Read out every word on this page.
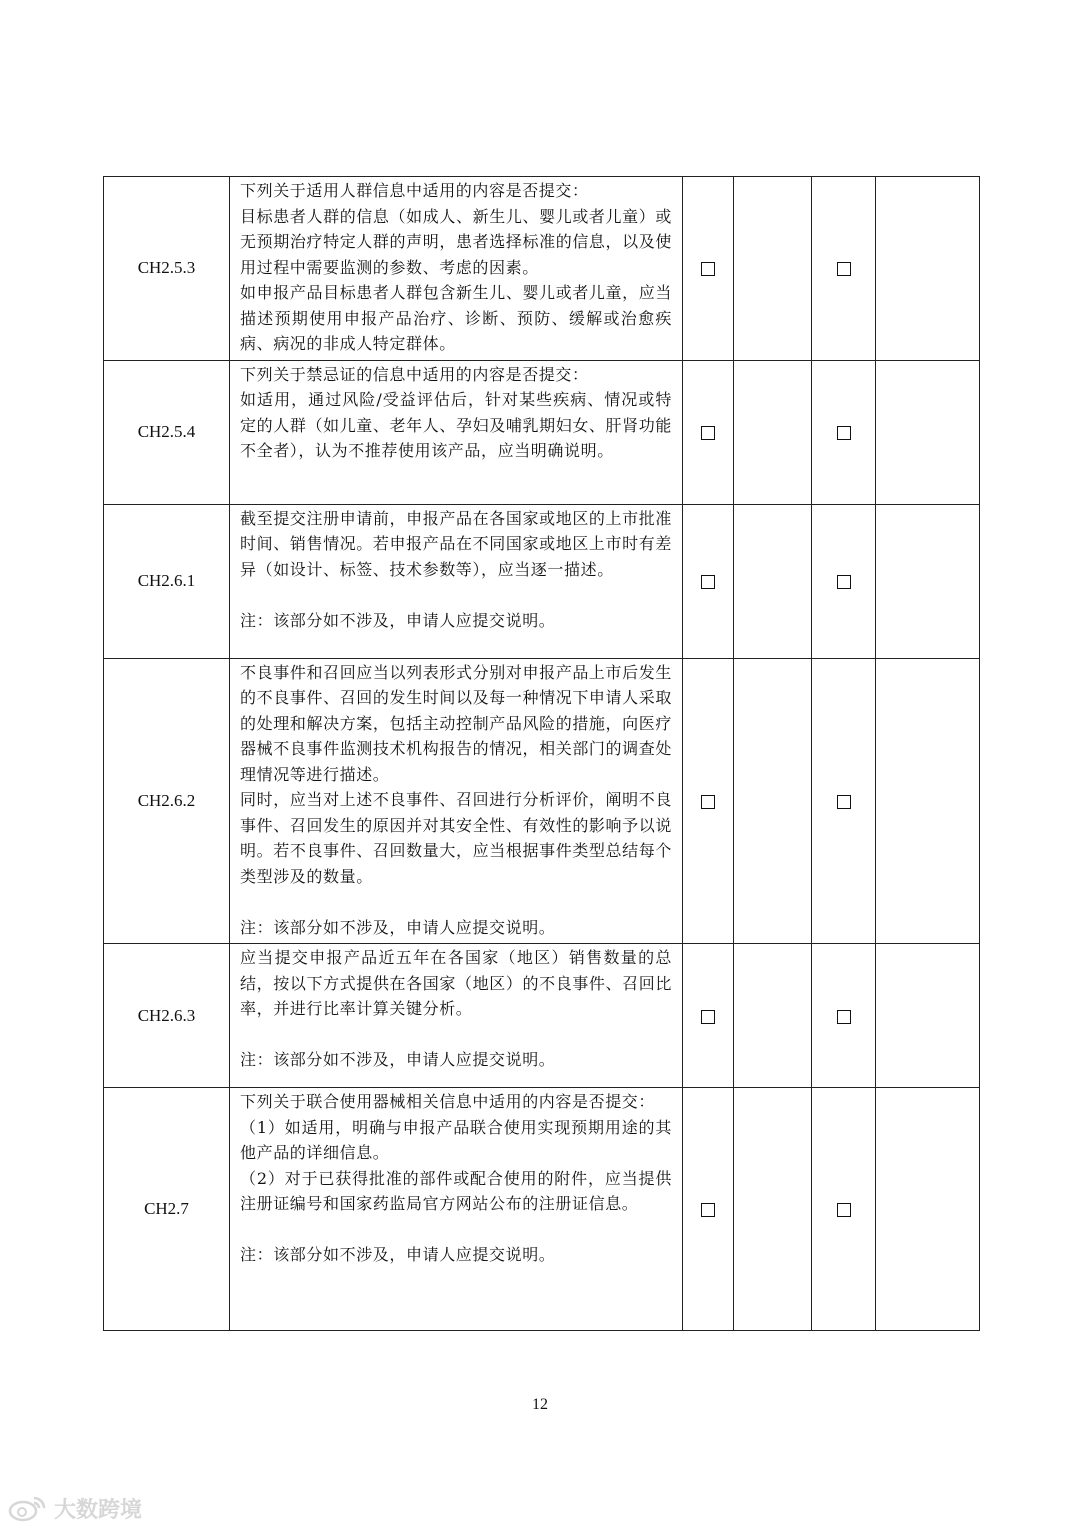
CH2.5.3	下列关于适用人群信息中适用的内容是否提交：

目标患者人群的信息（如成人、新生儿、婴儿或者儿童）或无预期治疗特定人群的声明，患者选择标准的信息，以及使用过程中需要监测的参数、考虑的因素。

如申报产品目标患者人群包含新生儿、婴儿或者儿童，应当描述预期使用申报产品治疗、诊断、预防、缓解或治愈疾病、病况的非成人特定群体。				

CH2.5.4	下列关于禁忌证的信息中适用的内容是否提交：

如适用，通过风险/受益评估后，针对某些疾病、情况或特定的人群（如儿童、老年人、孕妇及哺乳期妇女、肝肾功能不全者），认为不推荐使用该产品，应当明确说明。				

CH2.6.1	截至提交注册申请前，申报产品在各国家或地区的上市批准时间、销售情况。若申报产品在不同国家或地区上市时有差异（如设计、标签、技术参数等），应当逐一描述。

注：该部分如不涉及，申请人应提交说明。				

CH2.6.2	不良事件和召回应当以列表形式分别对申报产品上市后发生的不良事件、召回的发生时间以及每一种情况下申请人采取的处理和解决方案，包括主动控制产品风险的措施，向医疗器械不良事件监测技术机构报告的情况，相关部门的调查处理情况等进行描述。

同时，应当对上述不良事件、召回进行分析评价，阐明不良事件、召回发生的原因并对其安全性、有效性的影响予以说明。若不良事件、召回数量大，应当根据事件类型总结每个类型涉及的数量。

注：该部分如不涉及，申请人应提交说明。				

CH2.6.3	应当提交申报产品近五年在各国家（地区）销售数量的总结，按以下方式提供在各国家（地区）的不良事件、召回比率，并进行比率计算关键分析。

注：该部分如不涉及，申请人应提交说明。				

CH2.7	下列关于联合使用器械相关信息中适用的内容是否提交：

（1）如适用，明确与申报产品联合使用实现预期用途的其他产品的详细信息。

（2）对于已获得批准的部件或配合使用的附件，应当提供注册证编号和国家药监局官方网站公布的注册证信息。

注：该部分如不涉及，申请人应提交说明。				

12
大数跨境
